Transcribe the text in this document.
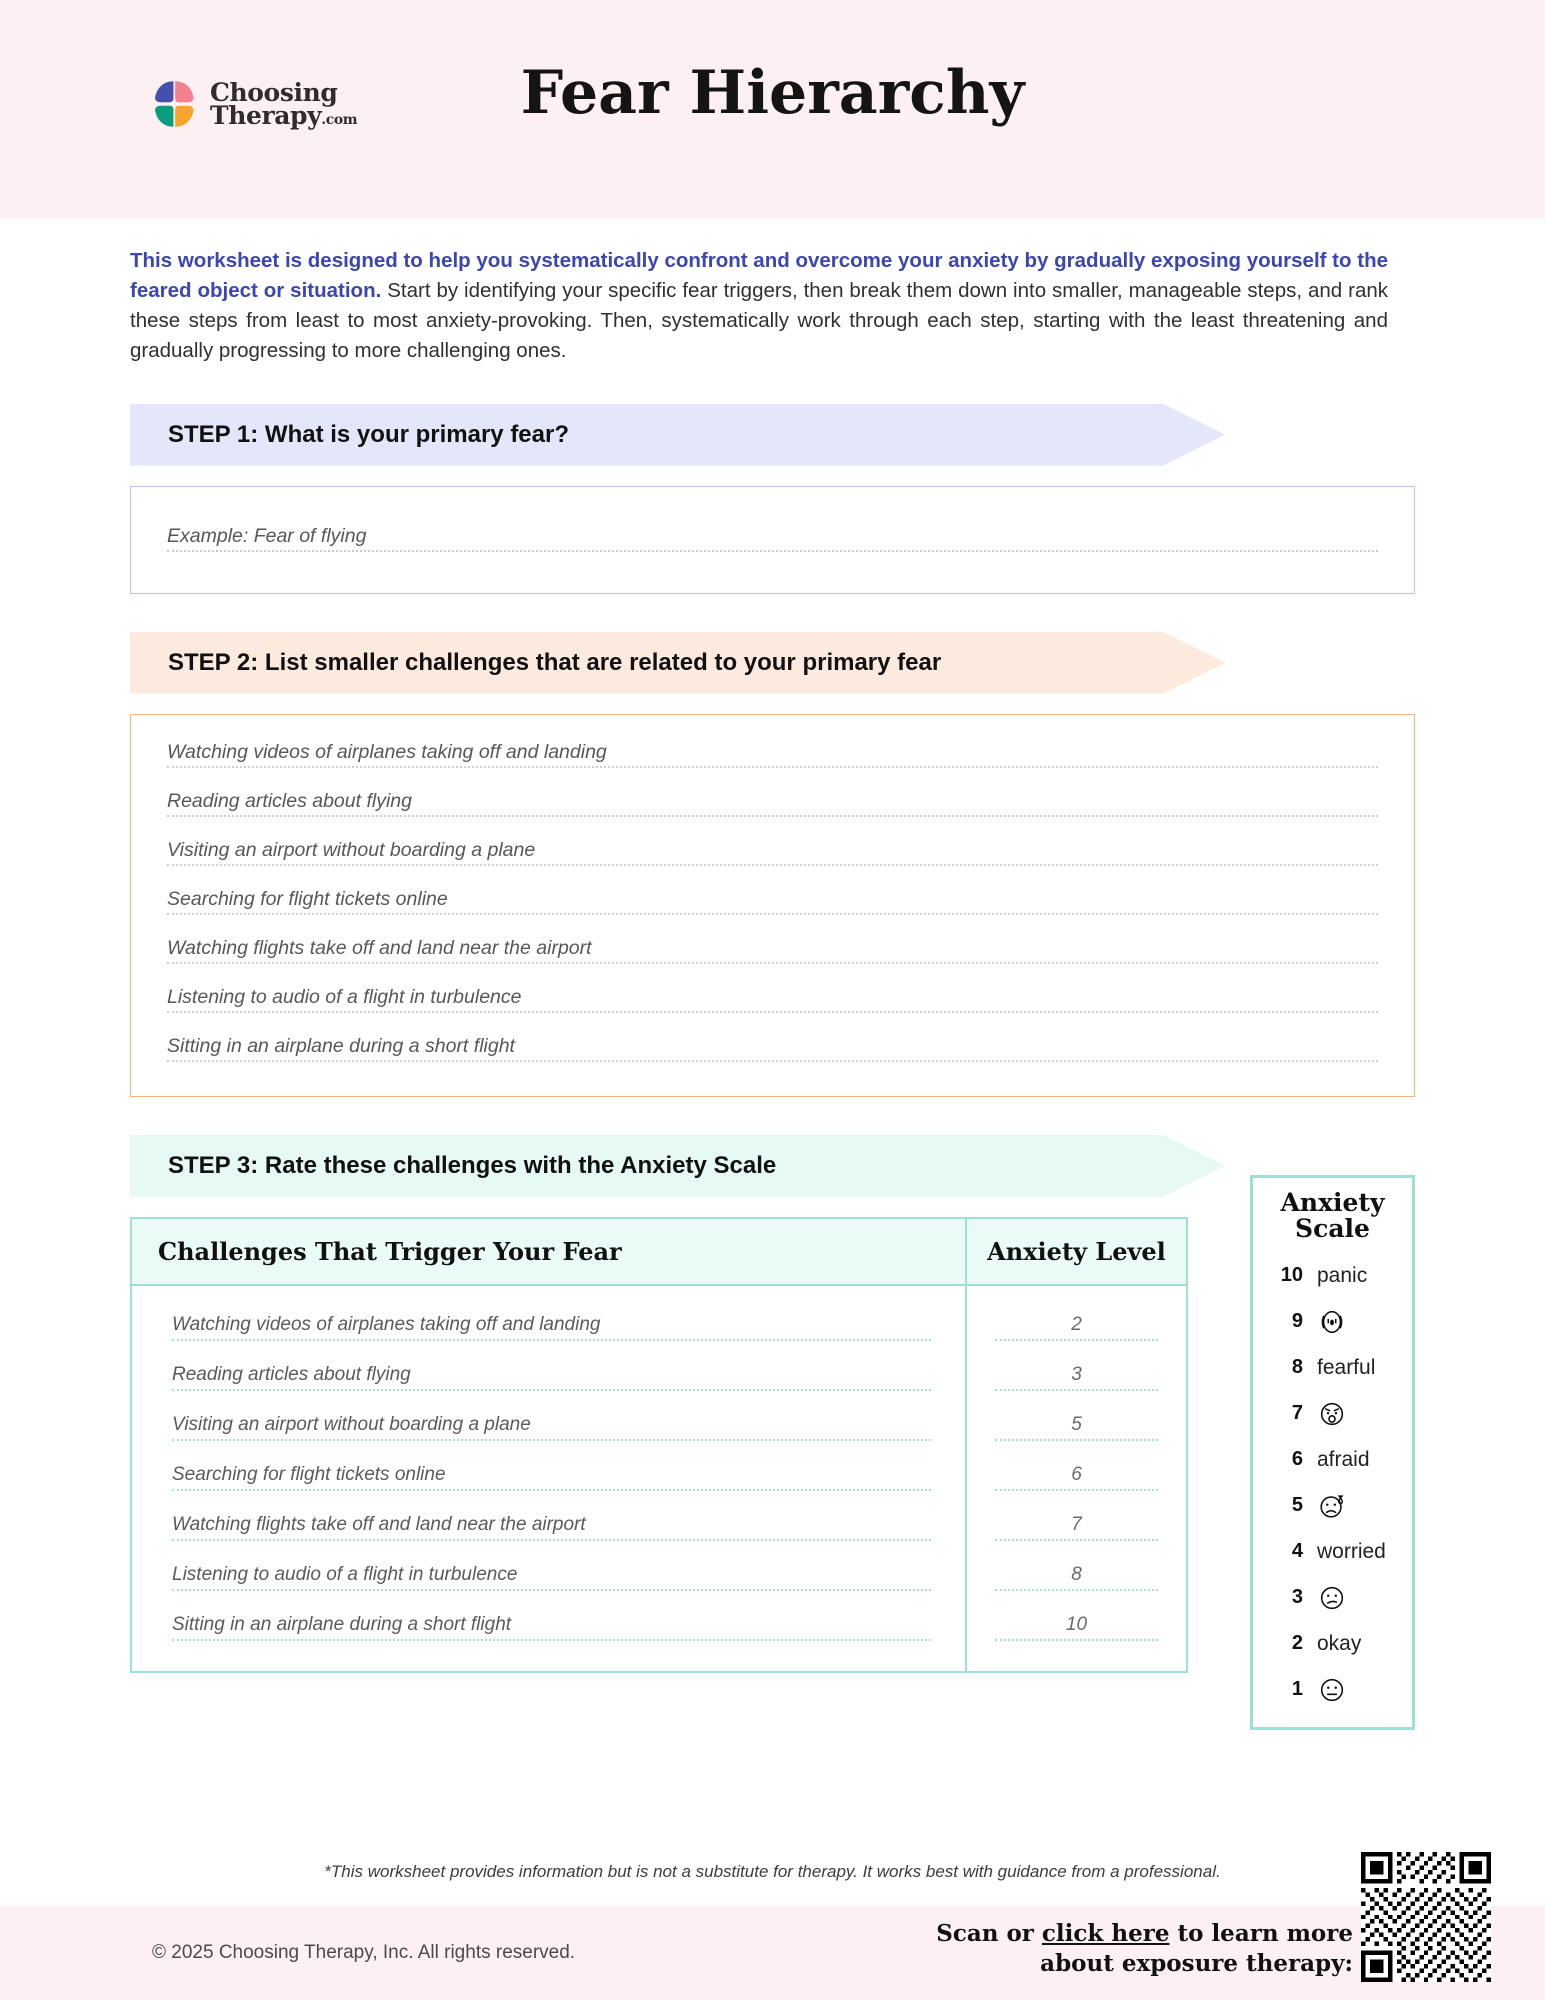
Choosing
Therapy.com	Fear Hierarchy

This worksheet is designed to help you systematically confront and overcome your anxiety by gradually exposing yourself to the feared object or situation. Start by identifying your specific fear triggers, then break them down into smaller, manageable steps, and rank these steps from least to most anxiety-provoking. Then, systematically work through each step, starting with the least threatening and gradually progressing to more challenging ones.

STEP 1: What is your primary fear?
Example: Fear of flying
STEP 2: List smaller challenges that are related to your primary fear
Watching videos of airplanes taking off and landing
Reading articles about flying
Visiting an airport without boarding a plane
Searching for flight tickets online
Watching flights take off and land near the airport
Listening to audio of a flight in turbulence
Sitting in an airplane during a short flight
STEP 3: Rate these challenges with the Anxiety Scale
Challenges That Trigger Your Fear	Anxiety Level

Watching videos of airplanes taking off and landing	2

Reading articles about flying	3

Visiting an airport without boarding a plane	5

Searching for flight tickets online	6

Watching flights take off and land near the airport	7

Listening to audio of a flight in turbulence	8

Sitting in an airplane during a short flight	10

Anxiety
Scale
10 panic
9
8 fearful
7
6 afraid
5
4 worried
3
2 okay
1
*This worksheet provides information but is not a substitute for therapy. It works best with guidance from a professional.
© 2025 Choosing Therapy, Inc. All rights reserved.
Scan or click here to learn more
about exposure therapy:
